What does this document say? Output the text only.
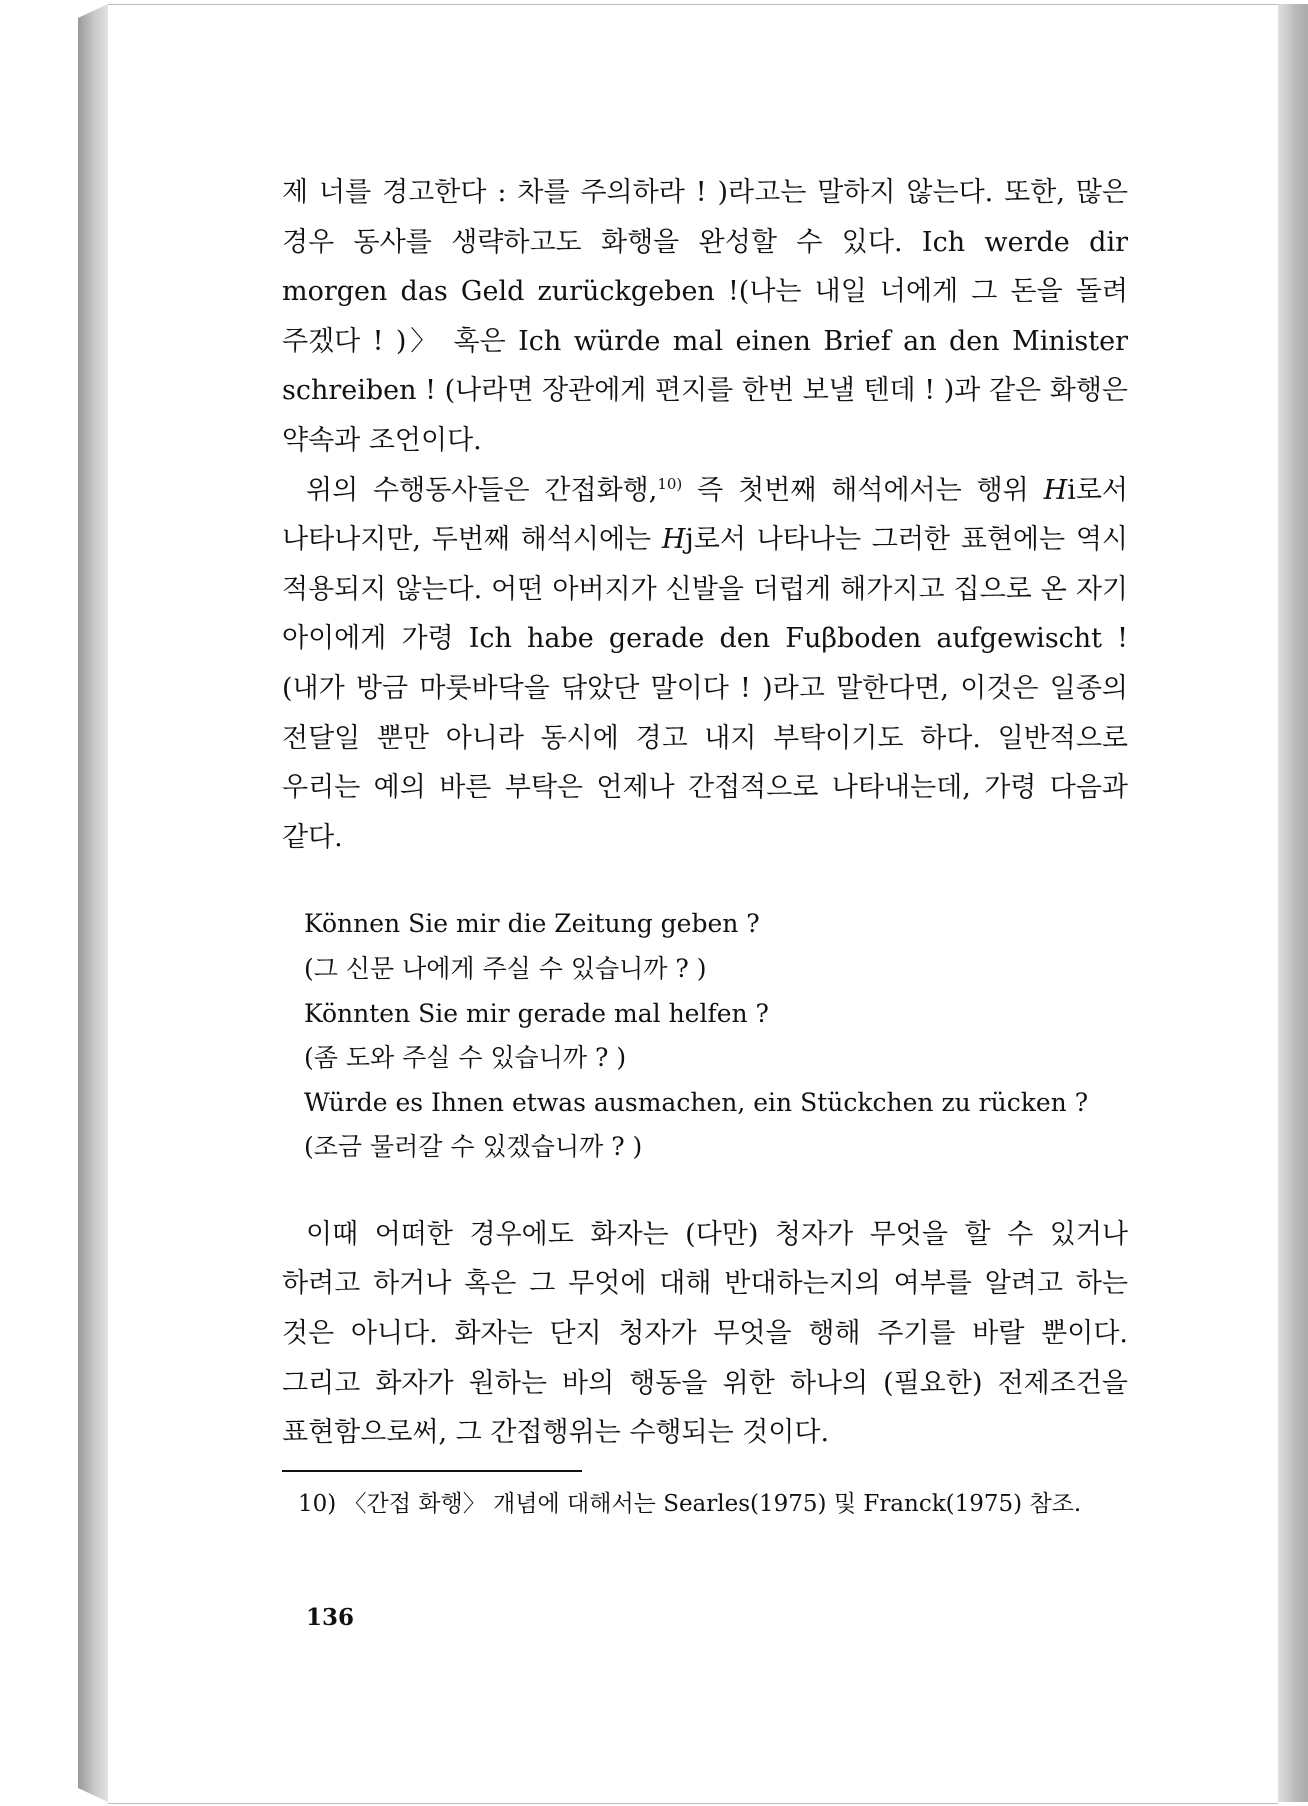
제 너를 경고한다 : 차를 주의하라 ! )라고는 말하지 않는다. 또한, 많은 경우 동사를 생략하고도 화행을 완성할 수 있다. Ich werde dir morgen das Geld zurückgeben !(나는 내일 너에게 그 돈을 돌려 주겠다 ! )〉 혹은 Ich würde mal einen Brief an den Minister schreiben ! (나라면 장관에게 편지를 한번 보낼 텐데 ! )과 같은 화행은 약속과 조언이다.

위의 수행동사들은 간접화행,$^{10)}$ 즉 첫번째 해석에서는 행위 Hi로서 나타나지만, 두번째 해석시에는 Hj로서 나타나는 그러한 표현에는 역시 적용되지 않는다. 어떤 아버지가 신발을 더럽게 해가지고 집으로 온 자기 아이에게 가령 Ich habe gerade den Fuβboden aufgewischt !(내가 방금 마룻바닥을 닦았단 말이다 ! )라고 말한다면, 이것은 일종의 전달일 뿐만 아니라 동시에 경고 내지 부탁이기도 하다. 일반적으로 우리는 예의 바른 부탁은 언제나 간접적으로 나타내는데, 가령 다음과 같다.

Können Sie mir die Zeitung geben ?
(그 신문 나에게 주실 수 있습니까 ? )
Könnten Sie mir gerade mal helfen ?
(좀 도와 주실 수 있습니까 ? )
Würde es Ihnen etwas ausmachen, ein Stückchen zu rücken ?
(조금 물러갈 수 있겠습니까 ? )

이때 어떠한 경우에도 화자는 (다만) 청자가 무엇을 할 수 있거나 하려고 하거나 혹은 그 무엇에 대해 반대하는지의 여부를 알려고 하는 것은 아니다. 화자는 단지 청자가 무엇을 행해 주기를 바랄 뿐이다. 그리고 화자가 원하는 바의 행동을 위한 하나의 (필요한) 전제조건을 표현함으로써, 그 간접행위는 수행되는 것이다.

10) 〈간접 화행〉 개념에 대해서는 Searles(1975) 및 Franck(1975) 참조.

136
